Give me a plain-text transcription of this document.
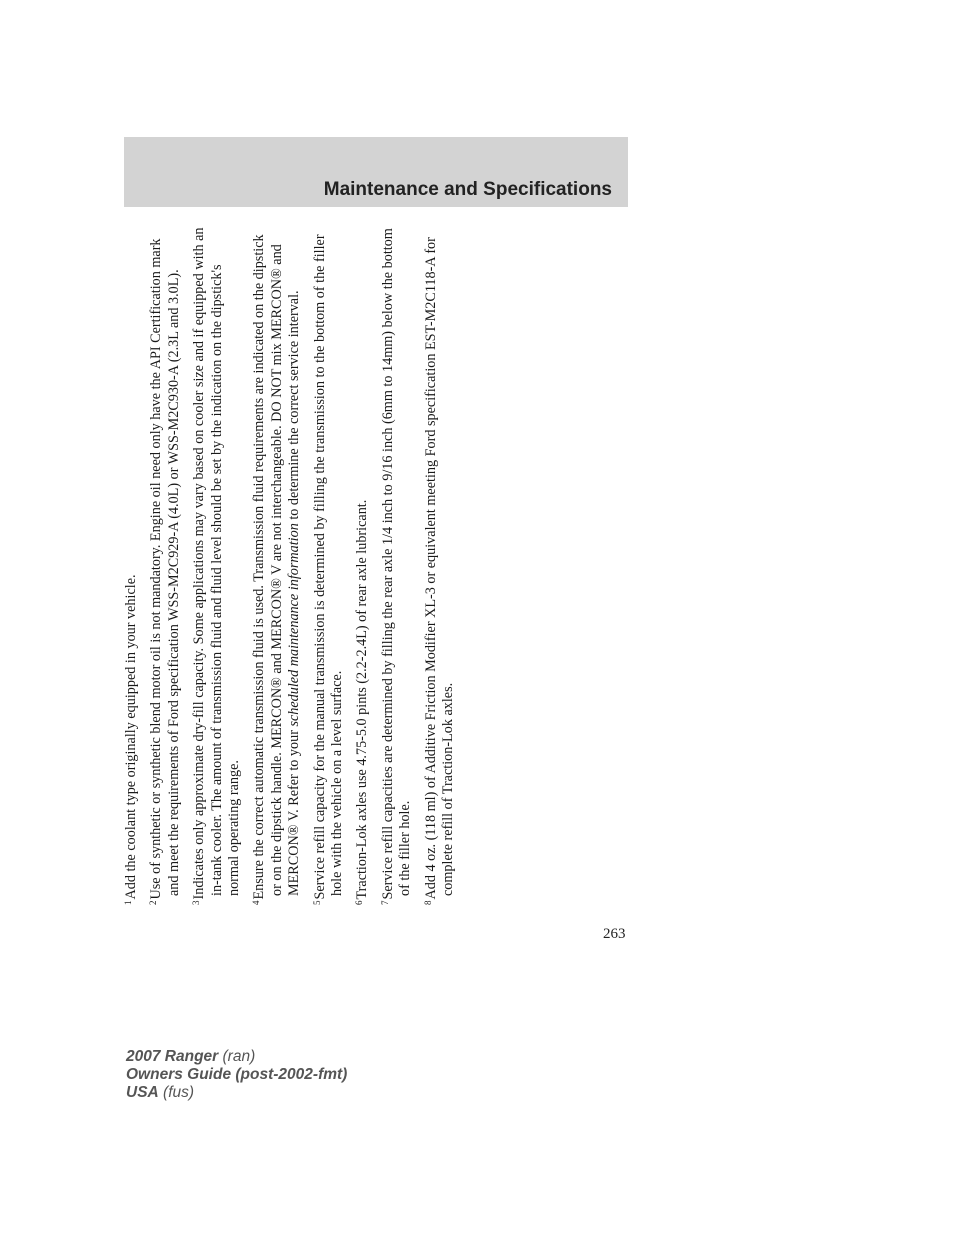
Maintenance and Specifications

$^1$Add the coolant type originally equipped in your vehicle.

$^2$Use of synthetic or synthetic blend motor oil is not mandatory. Engine oil need only have the API Certification mark and meet the requirements of Ford specification WSS-M2C929-A (4.0L) or WSS-M2C930-A (2.3L and 3.0L).

$^3$Indicates only approximate dry-fill capacity. Some applications may vary based on cooler size and if equipped with an in-tank cooler. The amount of transmission fluid and fluid level should be set by the indication on the dipstick's normal operating range.

$^4$Ensure the correct automatic transmission fluid is used. Transmission fluid requirements are indicated on the dipstick or on the dipstick handle. MERCON® and MERCON® V are not interchangeable. DO NOT mix MERCON® and MERCON® V. Refer to your scheduled maintenance information to determine the correct service interval.

$^5$Service refill capacity for the manual transmission is determined by filling the transmission to the bottom of the filler hole with the vehicle on a level surface.

$^6$Traction-Lok axles use 4.75-5.0 pints (2.2-2.4L) of rear axle lubricant.

$^7$Service refill capacities are determined by filling the rear axle 1/4 inch to 9/16 inch (6mm to 14mm) below the bottom of the filler hole.

$^8$Add 4 oz. (118 ml) of Additive Friction Modifier XL-3 or equivalent meeting Ford specification EST-M2C118-A for complete refill of Traction-Lok axles.

263
2007 Ranger (ran)
Owners Guide (post-2002-fmt)
USA (fus)
